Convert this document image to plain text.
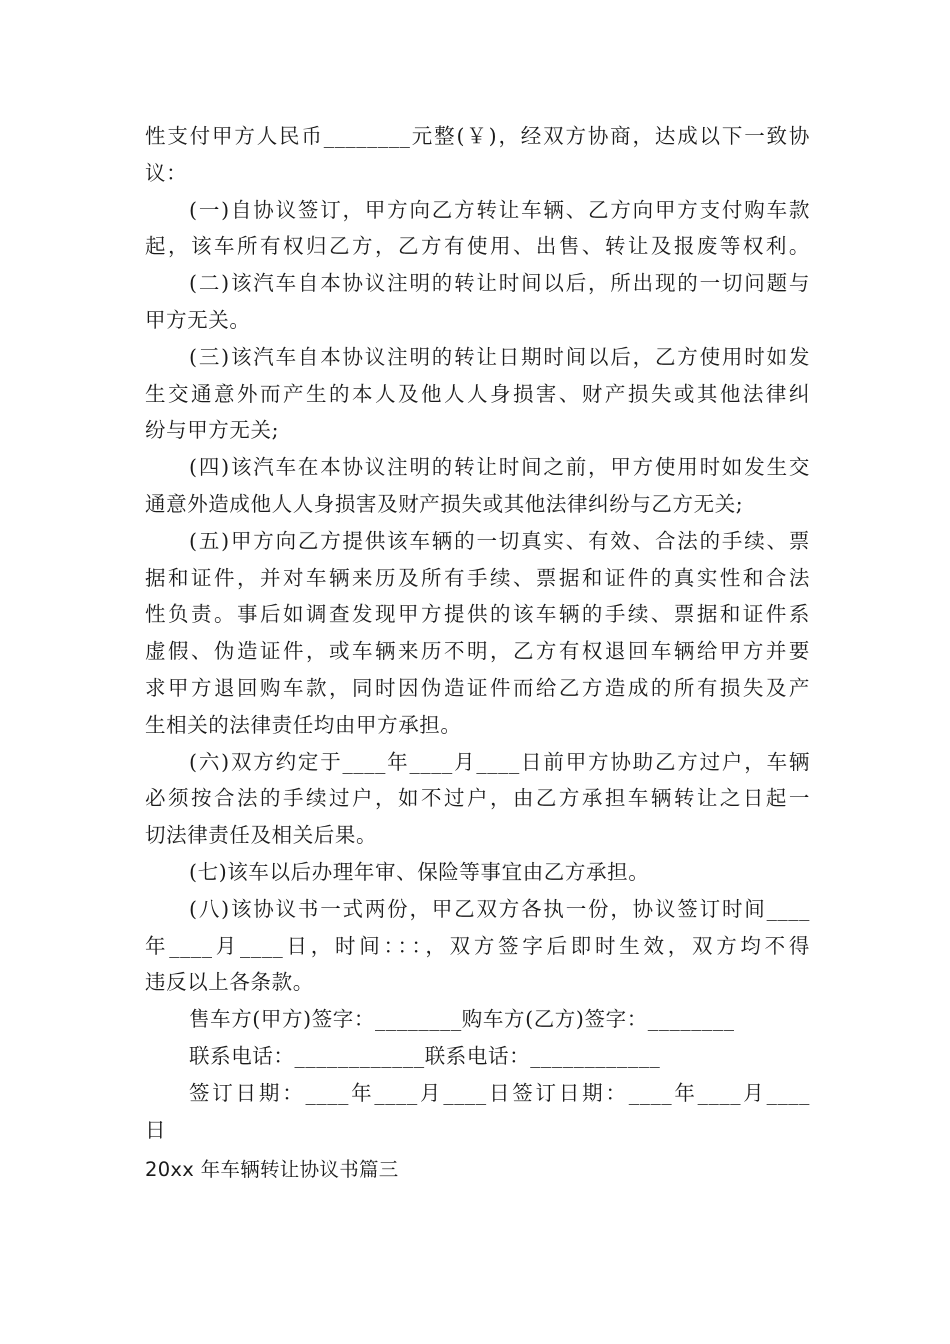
性支付甲方人民币________元整(￥)，经双方协商，达成以下一致协
议：
(一)自协议签订，甲方向乙方转让车辆、乙方向甲方支付购车款
起，该车所有权归乙方，乙方有使用、出售、转让及报废等权利。
(二)该汽车自本协议注明的转让时间以后，所出现的一切问题与
甲方无关。
(三)该汽车自本协议注明的转让日期时间以后，乙方使用时如发
生交通意外而产生的本人及他人人身损害、财产损失或其他法律纠
纷与甲方无关;
(四)该汽车在本协议注明的转让时间之前，甲方使用时如发生交
通意外造成他人人身损害及财产损失或其他法律纠纷与乙方无关;
(五)甲方向乙方提供该车辆的一切真实、有效、合法的手续、票
据和证件，并对车辆来历及所有手续、票据和证件的真实性和合法
性负责。事后如调查发现甲方提供的该车辆的手续、票据和证件系
虚假、伪造证件，或车辆来历不明，乙方有权退回车辆给甲方并要
求甲方退回购车款，同时因伪造证件而给乙方造成的所有损失及产
生相关的法律责任均由甲方承担。
(六)双方约定于____年____月____日前甲方协助乙方过户，车辆
必须按合法的手续过户，如不过户，由乙方承担车辆转让之日起一
切法律责任及相关后果。
(七)该车以后办理年审、保险等事宜由乙方承担。
(八)该协议书一式两份，甲乙双方各执一份，协议签订时间____
年____月____日，时间：：：，双方签字后即时生效，双方均不得
违反以上各条款。
售车方(甲方)签字：________购车方(乙方)签字：________
联系电话：____________联系电话：____________
签订日期：____年____月____日签订日期：____年____月____
日
20xx 年车辆转让协议书篇三
